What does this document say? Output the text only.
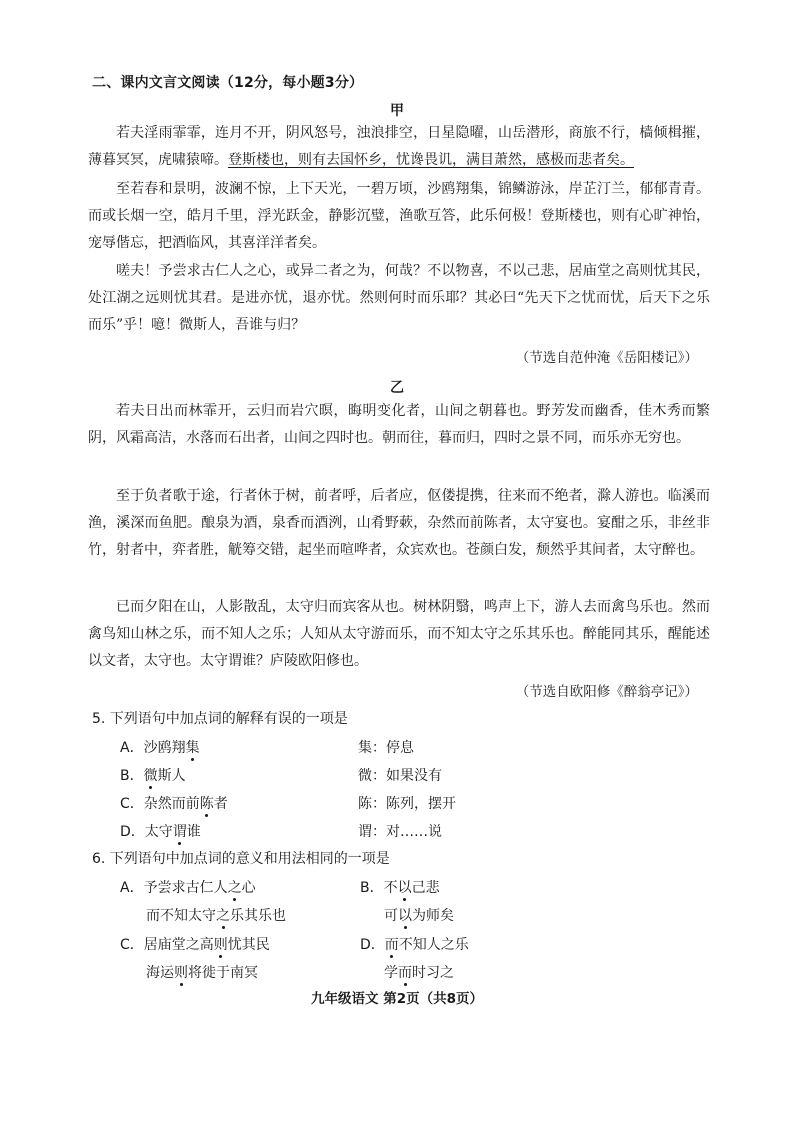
二、课内文言文阅读（12分，每小题3分）
甲
若夫淫雨霏霏，连月不开，阴风怒号，浊浪排空，日星隐曜，山岳潜形，商旅不行，樯倾楫摧，薄暮冥冥，虎啸猿啼。登斯楼也，则有去国怀乡，忧谗畏讥，满目萧然，感极而悲者矣。
至若春和景明，波澜不惊，上下天光，一碧万顷，沙鸥翔集，锦鳞游泳，岸芷汀兰，郁郁青青。而或长烟一空，皓月千里，浮光跃金，静影沉璧，渔歌互答，此乐何极！登斯楼也，则有心旷神怡，宠辱偕忘，把酒临风，其喜洋洋者矣。
嗟夫！予尝求古仁人之心，或异二者之为，何哉？不以物喜，不以己悲，居庙堂之高则忧其民，处江湖之远则忧其君。是进亦忧，退亦忧。然则何时而乐耶？其必曰“先天下之忧而忧，后天下之乐而乐”乎！噫！微斯人，吾谁与归？
（节选自范仲淹《岳阳楼记》）
乙
若夫日出而林霏开，云归而岩穴暝，晦明变化者，山间之朝暮也。野芳发而幽香，佳木秀而繁阴，风霜高洁，水落而石出者，山间之四时也。朝而往，暮而归，四时之景不同，而乐亦无穷也。
至于负者歌于途，行者休于树，前者呼，后者应，伛偻提携，往来而不绝者，滁人游也。临溪而渔，溪深而鱼肥。酿泉为酒，泉香而酒洌，山肴野蔌，杂然而前陈者，太守宴也。宴酣之乐，非丝非竹，射者中，弈者胜，觥筹交错，起坐而喧哗者，众宾欢也。苍颜白发，颓然乎其间者，太守醉也。
已而夕阳在山，人影散乱，太守归而宾客从也。树林阴翳，鸣声上下，游人去而禽鸟乐也。然而禽鸟知山林之乐，而不知人之乐；人知从太守游而乐，而不知太守之乐其乐也。醉能同其乐，醒能述以文者，太守也。太守谓谁？庐陵欧阳修也。
（节选自欧阳修《醉翁亭记》）
5. 下列语句中加点词的解释有误的一项是
A．沙鸥翔集	集：停息
B．微斯人	微：如果没有
C．杂然而前陈者	陈：陈列，摆开
D．太守谓谁	谓：对……说
6. 下列语句中加点词的意义和用法相同的一项是
A．予尝求古仁人之心
而不知太守之乐其乐也
B．不以己悲
可以为师矣
C．居庙堂之高则忧其民
海运则将徙于南冥
D．而不知人之乐
学而时习之
九年级语文 第2页（共8页）
